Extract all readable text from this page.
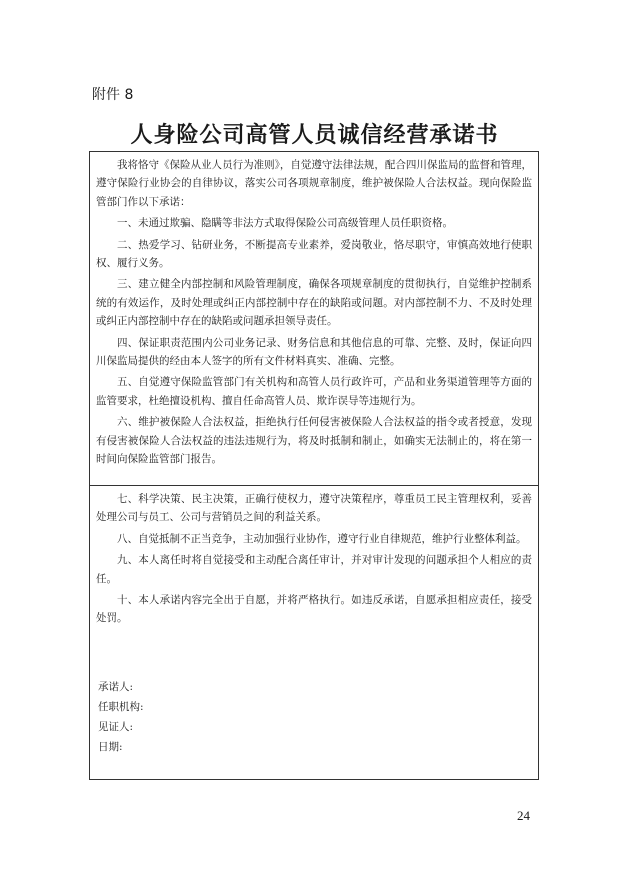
附件 8
人身险公司高管人员诚信经营承诺书

我将恪守《保险从业人员行为准则》，自觉遵守法律法规，配合四川保监局的监督和管理，遵守保险行业协会的自律协议，落实公司各项规章制度，维护被保险人合法权益。现向保险监管部门作以下承诺：

一、未通过欺骗、隐瞒等非法方式取得保险公司高级管理人员任职资格。

二、热爱学习、钻研业务，不断提高专业素养，爱岗敬业，恪尽职守，审慎高效地行使职权、履行义务。

三、建立健全内部控制和风险管理制度，确保各项规章制度的贯彻执行，自觉维护控制系统的有效运作，及时处理或纠正内部控制中存在的缺陷或问题。对内部控制不力、不及时处理或纠正内部控制中存在的缺陷或问题承担领导责任。

四、保证职责范围内公司业务记录、财务信息和其他信息的可靠、完整、及时，保证向四川保监局提供的经由本人签字的所有文件材料真实、准确、完整。

五、自觉遵守保险监管部门有关机构和高管人员行政许可，产品和业务渠道管理等方面的监管要求，杜绝擅设机构、擅自任命高管人员、欺诈误导等违规行为。

六、维护被保险人合法权益，拒绝执行任何侵害被保险人合法权益的指令或者授意，发现有侵害被保险人合法权益的违法违规行为，将及时抵制和制止，如确实无法制止的，将在第一时间向保险监管部门报告。

七、科学决策、民主决策，正确行使权力，遵守决策程序，尊重员工民主管理权利，妥善处理公司与员工、公司与营销员之间的利益关系。

八、自觉抵制不正当竞争，主动加强行业协作，遵守行业自律规范，维护行业整体利益。

九、本人离任时将自觉接受和主动配合离任审计，并对审计发现的问题承担个人相应的责任。

十、本人承诺内容完全出于自愿，并将严格执行。如违反承诺，自愿承担相应责任，接受处罚。

承诺人:
任职机构:
见证人:
日期:
24
